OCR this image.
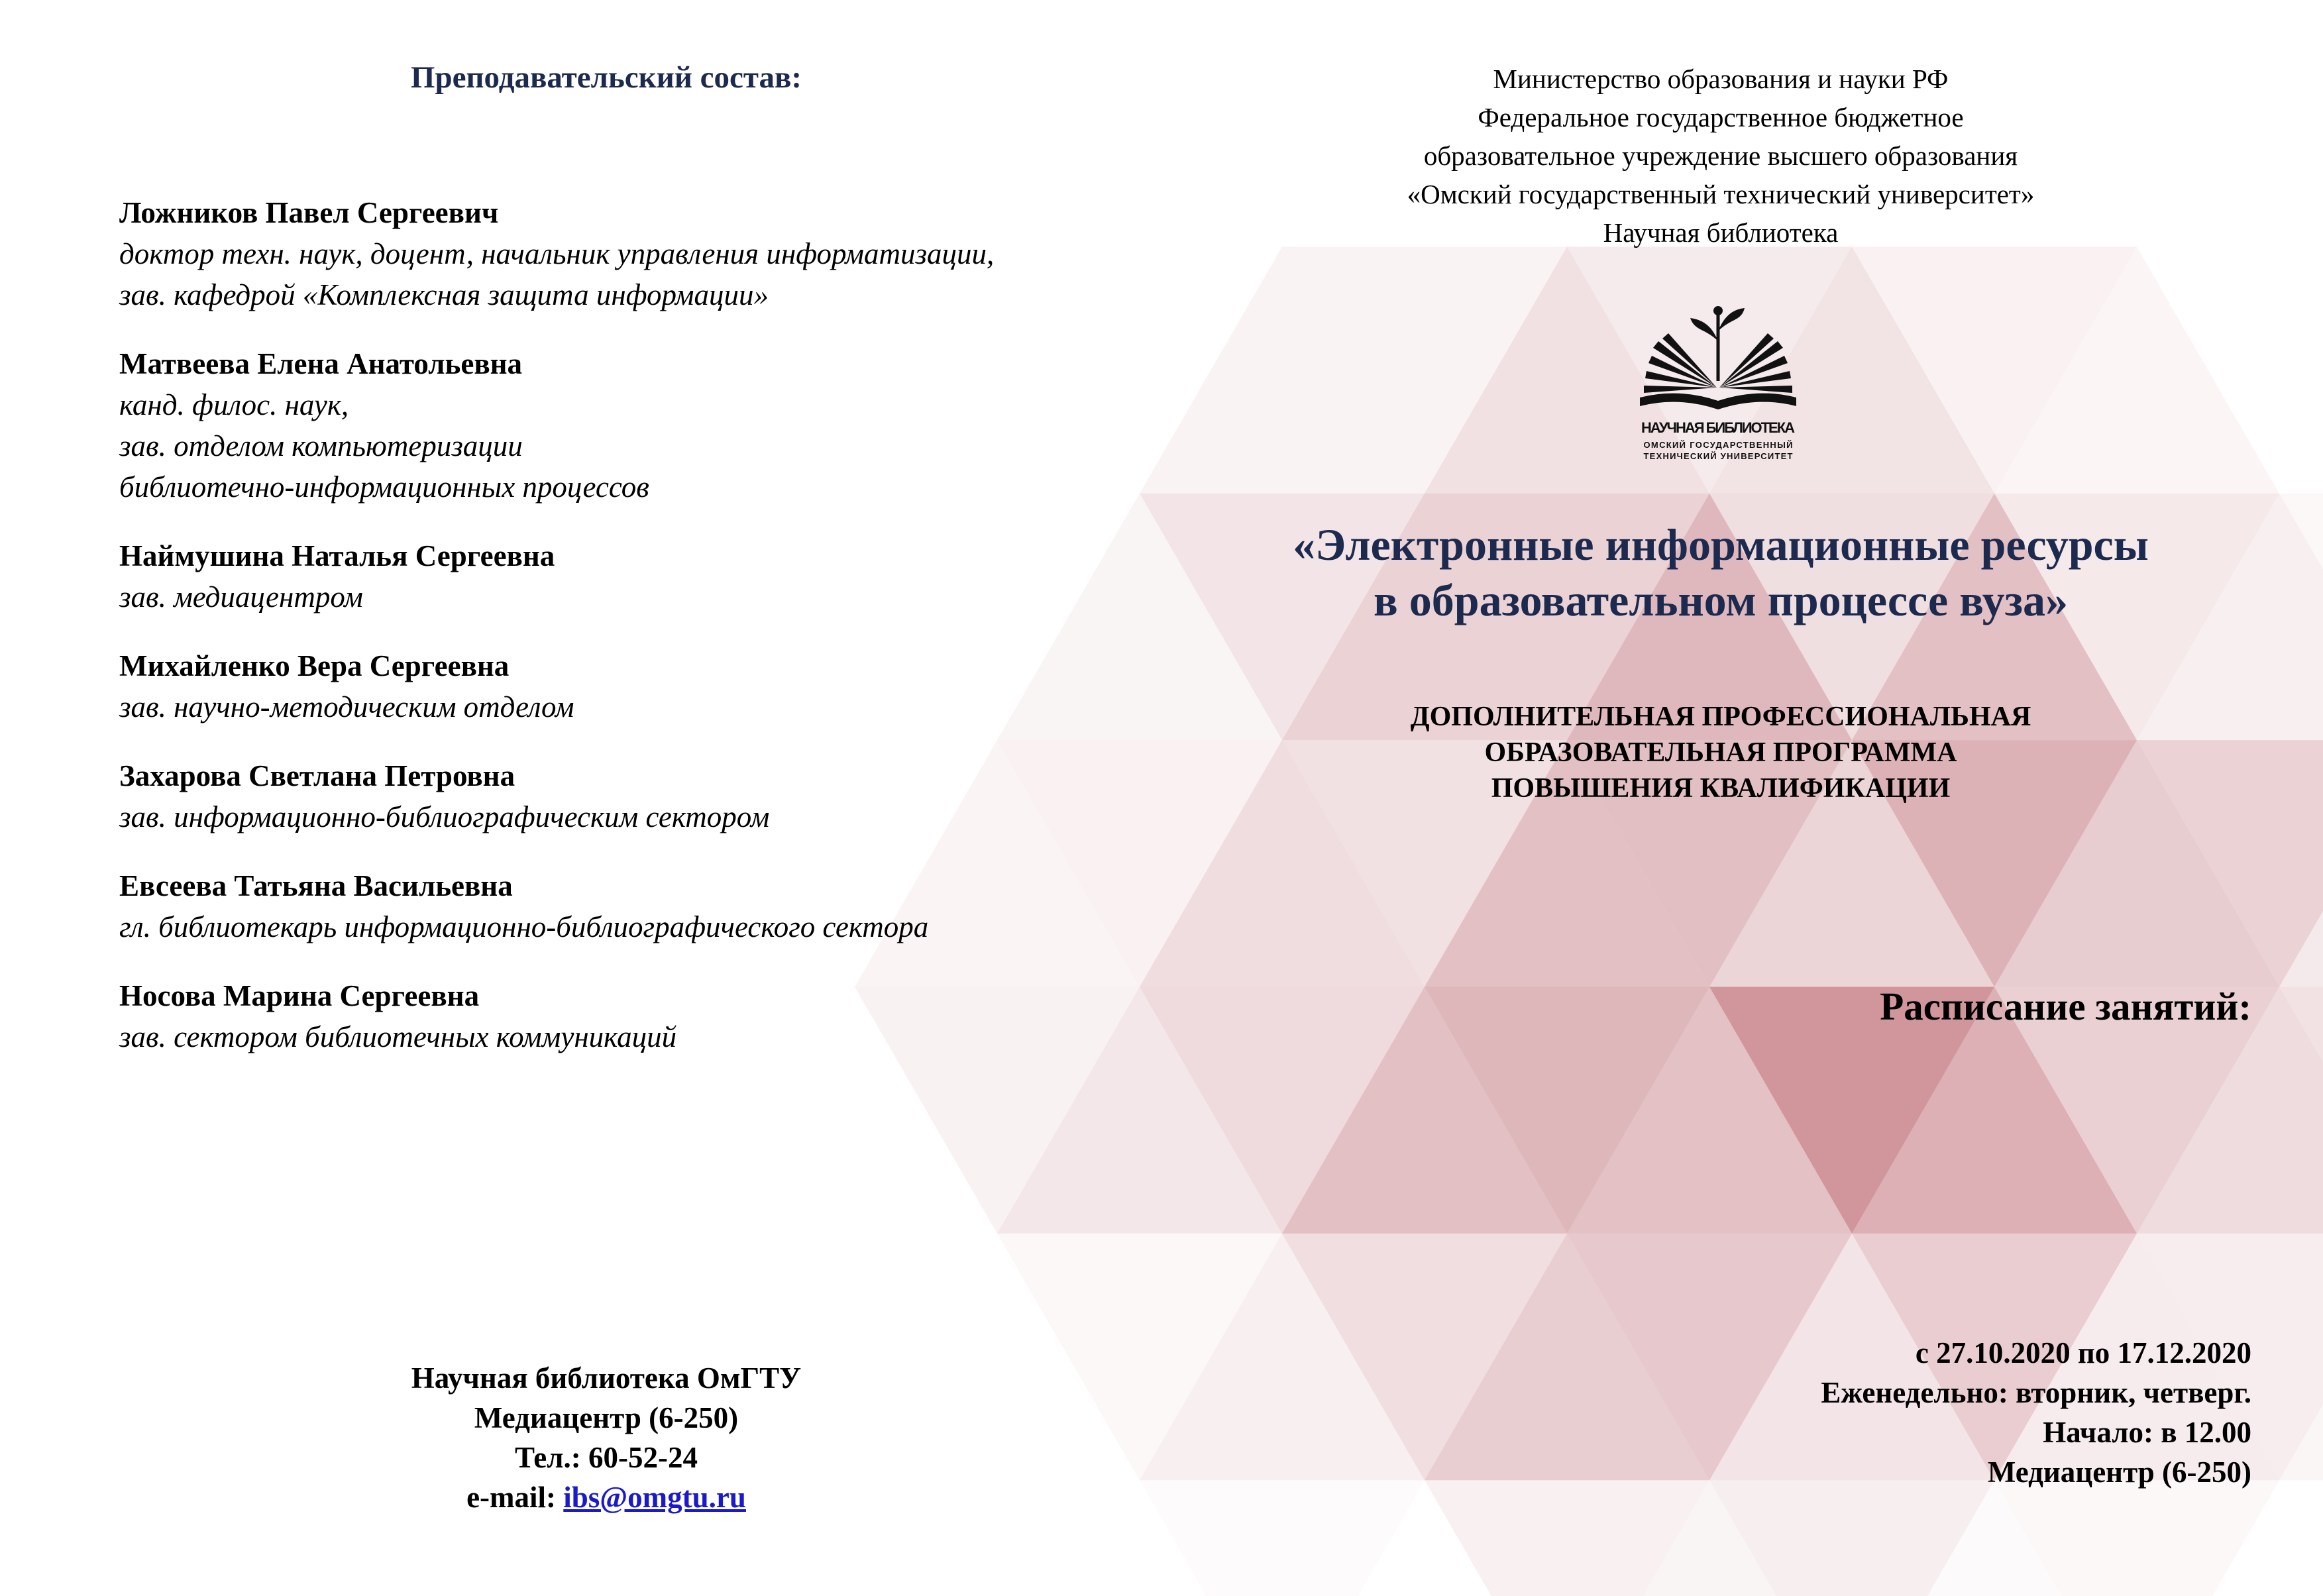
Преподавательский состав:
Ложников Павел Сергеевич
доктор техн. наук, доцент, начальник управления информатизации,
зав. кафедрой «Комплексная защита информации»
Матвеева Елена Анатольевна
канд. филос. наук,
зав. отделом компьютеризации
библиотечно-информационных процессов
Наймушина Наталья Сергеевна
зав. медиацентром
Михайленко Вера Сергеевна
зав. научно-методическим отделом
Захарова Светлана Петровна
зав. информационно-библиографическим сектором
Евсеева Татьяна Васильевна
гл. библиотекарь информационно-библиографического сектора
Носова Марина Сергеевна
зав. сектором библиотечных коммуникаций
Научная библиотека ОмГТУ
Медиацентр (6-250)
Тел.: 60-52-24
e-mail: ibs@omgtu.ru
Министерство образования и науки РФ
Федеральное государственное бюджетное
образовательное учреждение высшего образования
«Омский государственный технический университет»
Научная библиотека
НАУЧНАЯ БИБЛИОТЕКА
ОМСКИЙ ГОСУДАРСТВЕННЫЙ
ТЕХНИЧЕСКИЙ УНИВЕРСИТЕТ
«Электронные информационные ресурсы
в образовательном процессе вуза»
ДОПОЛНИТЕЛЬНАЯ ПРОФЕССИОНАЛЬНАЯ
ОБРАЗОВАТЕЛЬНАЯ ПРОГРАММА
ПОВЫШЕНИЯ КВАЛИФИКАЦИИ
Расписание занятий:
с 27.10.2020 по 17.12.2020
Еженедельно: вторник, четверг.
Начало: в 12.00
Медиацентр (6-250)
